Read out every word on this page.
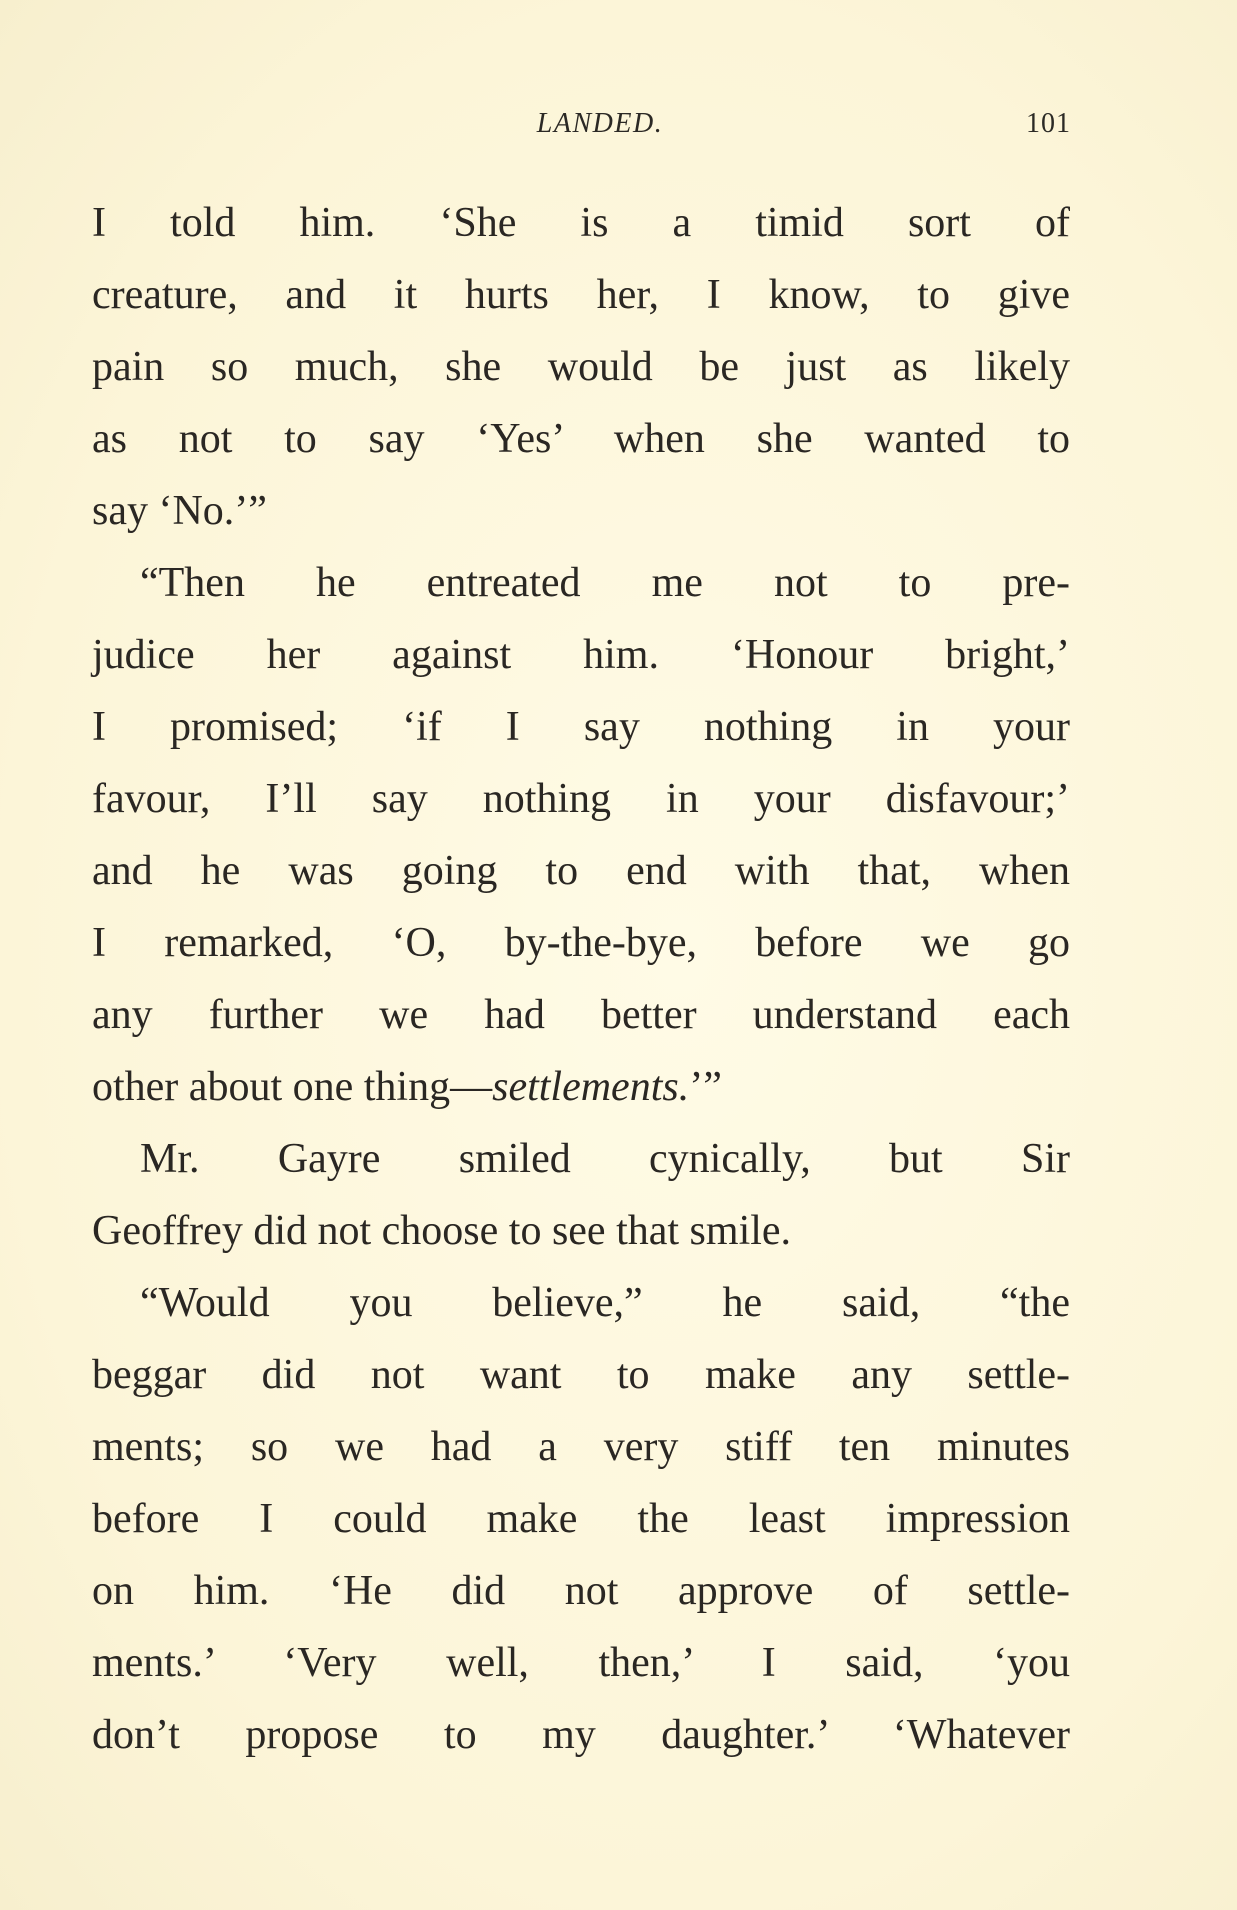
LANDED.	101
I told him. ‘She is a timid sort of
creature, and it hurts her, I know, to give
pain so much, she would be just as likely
as not to say ‘Yes’ when she wanted to
say ‘No.’”
“Then he entreated me not to pre-
judice her against him. ‘Honour bright,’
I promised; ‘if I say nothing in your
favour, I’ll say nothing in your disfavour;’
and he was going to end with that, when
I remarked, ‘O, by-the-bye, before we go
any further we had better understand each
other about one thing—settlements.’”
Mr. Gayre smiled cynically, but Sir
Geoffrey did not choose to see that smile.
“Would you believe,” he said, “the
beggar did not want to make any settle-
ments; so we had a very stiff ten minutes
before I could make the least impression
on him. ‘He did not approve of settle-
ments.’ ‘Very well, then,’ I said, ‘you
don’t propose to my daughter.’ ‘Whatever
